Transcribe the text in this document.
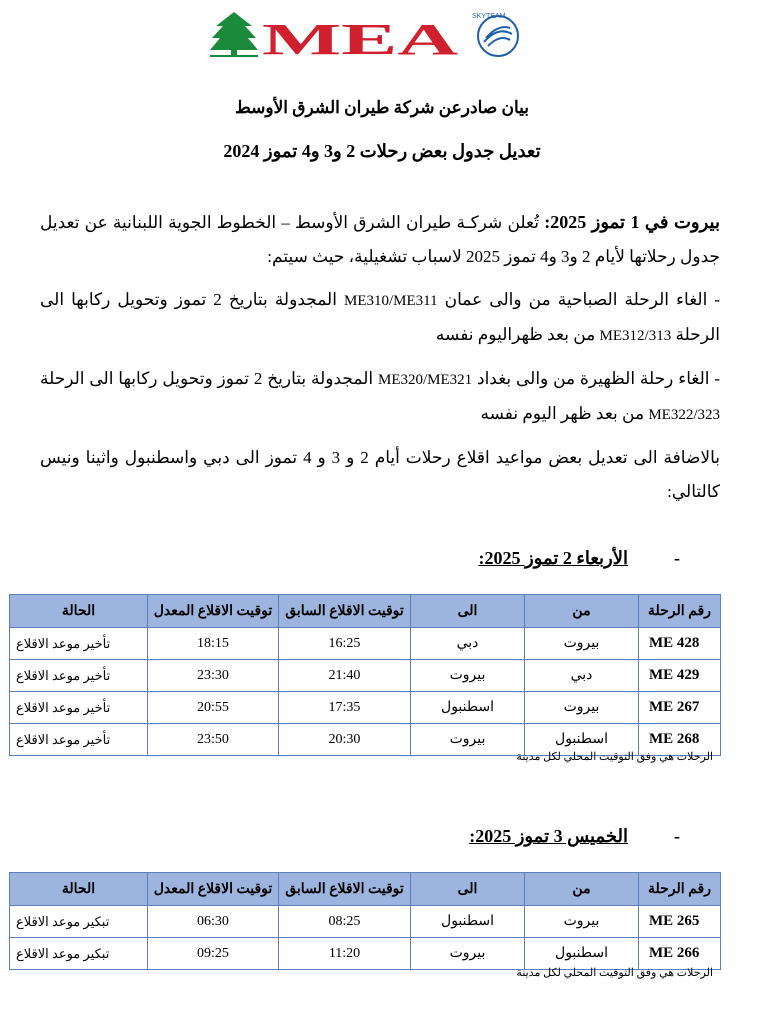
MEA SKYTEAM
بيان صادرعن شركة طيران الشرق الأوسط
تعديل جدول بعض رحلات 2 و3 و4 تموز 2024

بيروت في 1 تموز 2025: تُعلن شركـة طيران الشرق الأوسط – الخطوط الجوية اللبنانية عن تعديل جدول رحلاتها لأيام 2 و3 و4 تموز 2025 لاسباب تشغيلية، حيث سيتم:

- الغاء الرحلة الصباحية من والى عمان ME310/ME311 المجدولة بتاريخ 2 تموز وتحويل ركابها الى الرحلة ME312/313 من بعد ظهراليوم نفسه

- الغاء رحلة الظهيرة من والى بغداد ME320/ME321 المجدولة بتاريخ 2 تموز وتحويل ركابها الى الرحلة ME322/323 من بعد ظهر اليوم نفسه

بالاضافة الى تعديل بعض مواعيد اقلاع رحلات أيام 2 و 3 و 4 تموز الى دبي واسطنبول واثينا ونيس كالتالي:

-الأربعاء 2 تموز 2025:
رقم الرحلة	من	الى	توقيت الاقلاع السابق	توقيت الاقلاع المعدل	الحالة
ME 428	بيروت	دبي	16:25	18:15	تأخير موعد الاقلاع
ME 429	دبي	بيروت	21:40	23:30	تأخير موعد الاقلاع
ME 267	بيروت	اسطنبول	17:35	20:55	تأخير موعد الاقلاع
ME 268	اسطنبول	بيروت	20:30	23:50	تأخير موعد الاقلاع
الرحلات هي وفق التوقيت المحلي لكل مدينة
-الخميس 3 تموز 2025:
رقم الرحلة	من	الى	توقيت الاقلاع السابق	توقيت الاقلاع المعدل	الحالة
ME 265	بيروت	اسطنبول	08:25	06:30	تبكير موعد الاقلاع
ME 266	اسطنبول	بيروت	11:20	09:25	تبكير موعد الاقلاع
الرحلات هي وفق التوقيت المحلي لكل مدينة
